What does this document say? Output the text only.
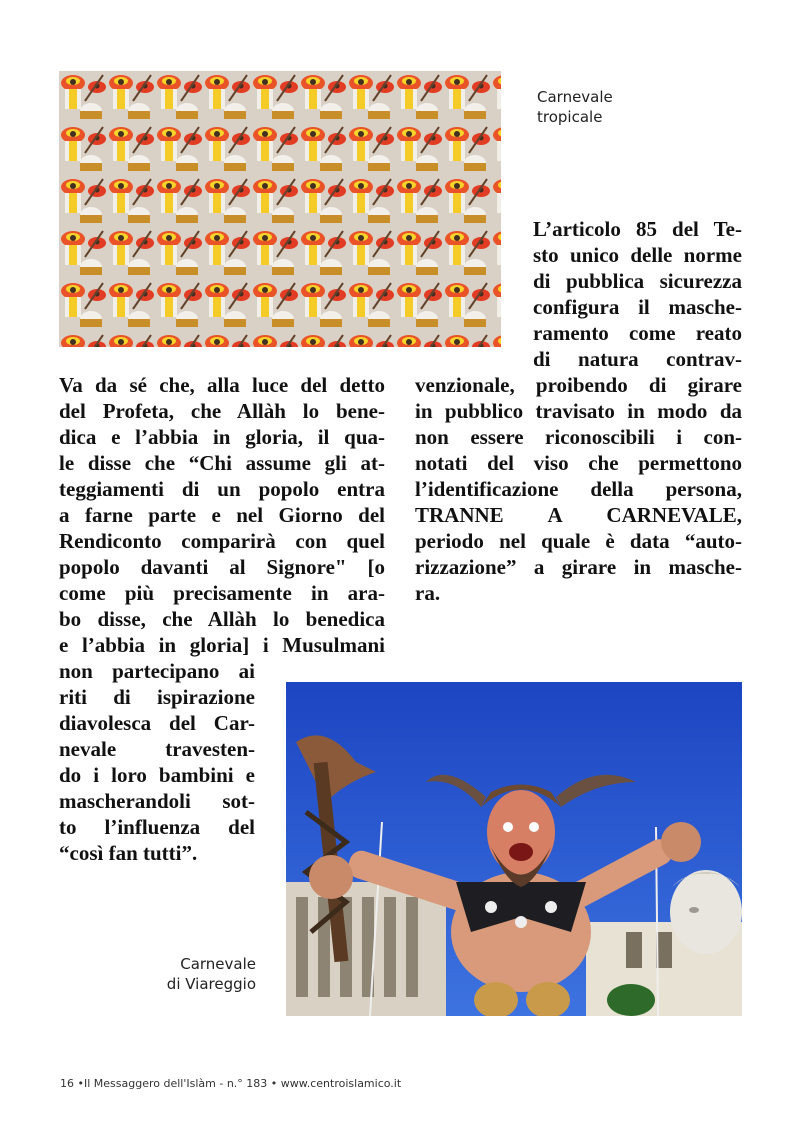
Carnevale
tropicale
L’articolo 85 del Te-
sto unico delle norme
di pubblica sicurezza
configura il masche-
ramento come reato
di natura contrav-
venzionale, proibendo di girare
in pubblico travisato in modo da
non essere riconoscibili i con-
notati del viso che permettono
l’identificazione della persona,
TRANNE A CARNEVALE,
periodo nel quale è data “auto-
rizzazione” a girare in masche-
ra.
Va da sé che, alla luce del detto
del Profeta, che Allàh lo bene-
dica e l’abbia in gloria, il qua-
le disse che “Chi assume gli at-
teggiamenti di un popolo entra
a farne parte e nel Giorno del
Rendiconto comparirà con quel
popolo davanti al Signore" [o
come più precisamente in ara-
bo disse, che Allàh lo benedica
e l’abbia in gloria] i Musulmani
non partecipano ai
riti di ispirazione
diavolesca del Car-
nevale travesten-
do i loro bambini e
mascherandoli sot-
to l’influenza del
“così fan tutti”.
Carnevale
di Viareggio
16 •Il Messaggero dell'Islàm - n.° 183 • www.centroislamico.it
